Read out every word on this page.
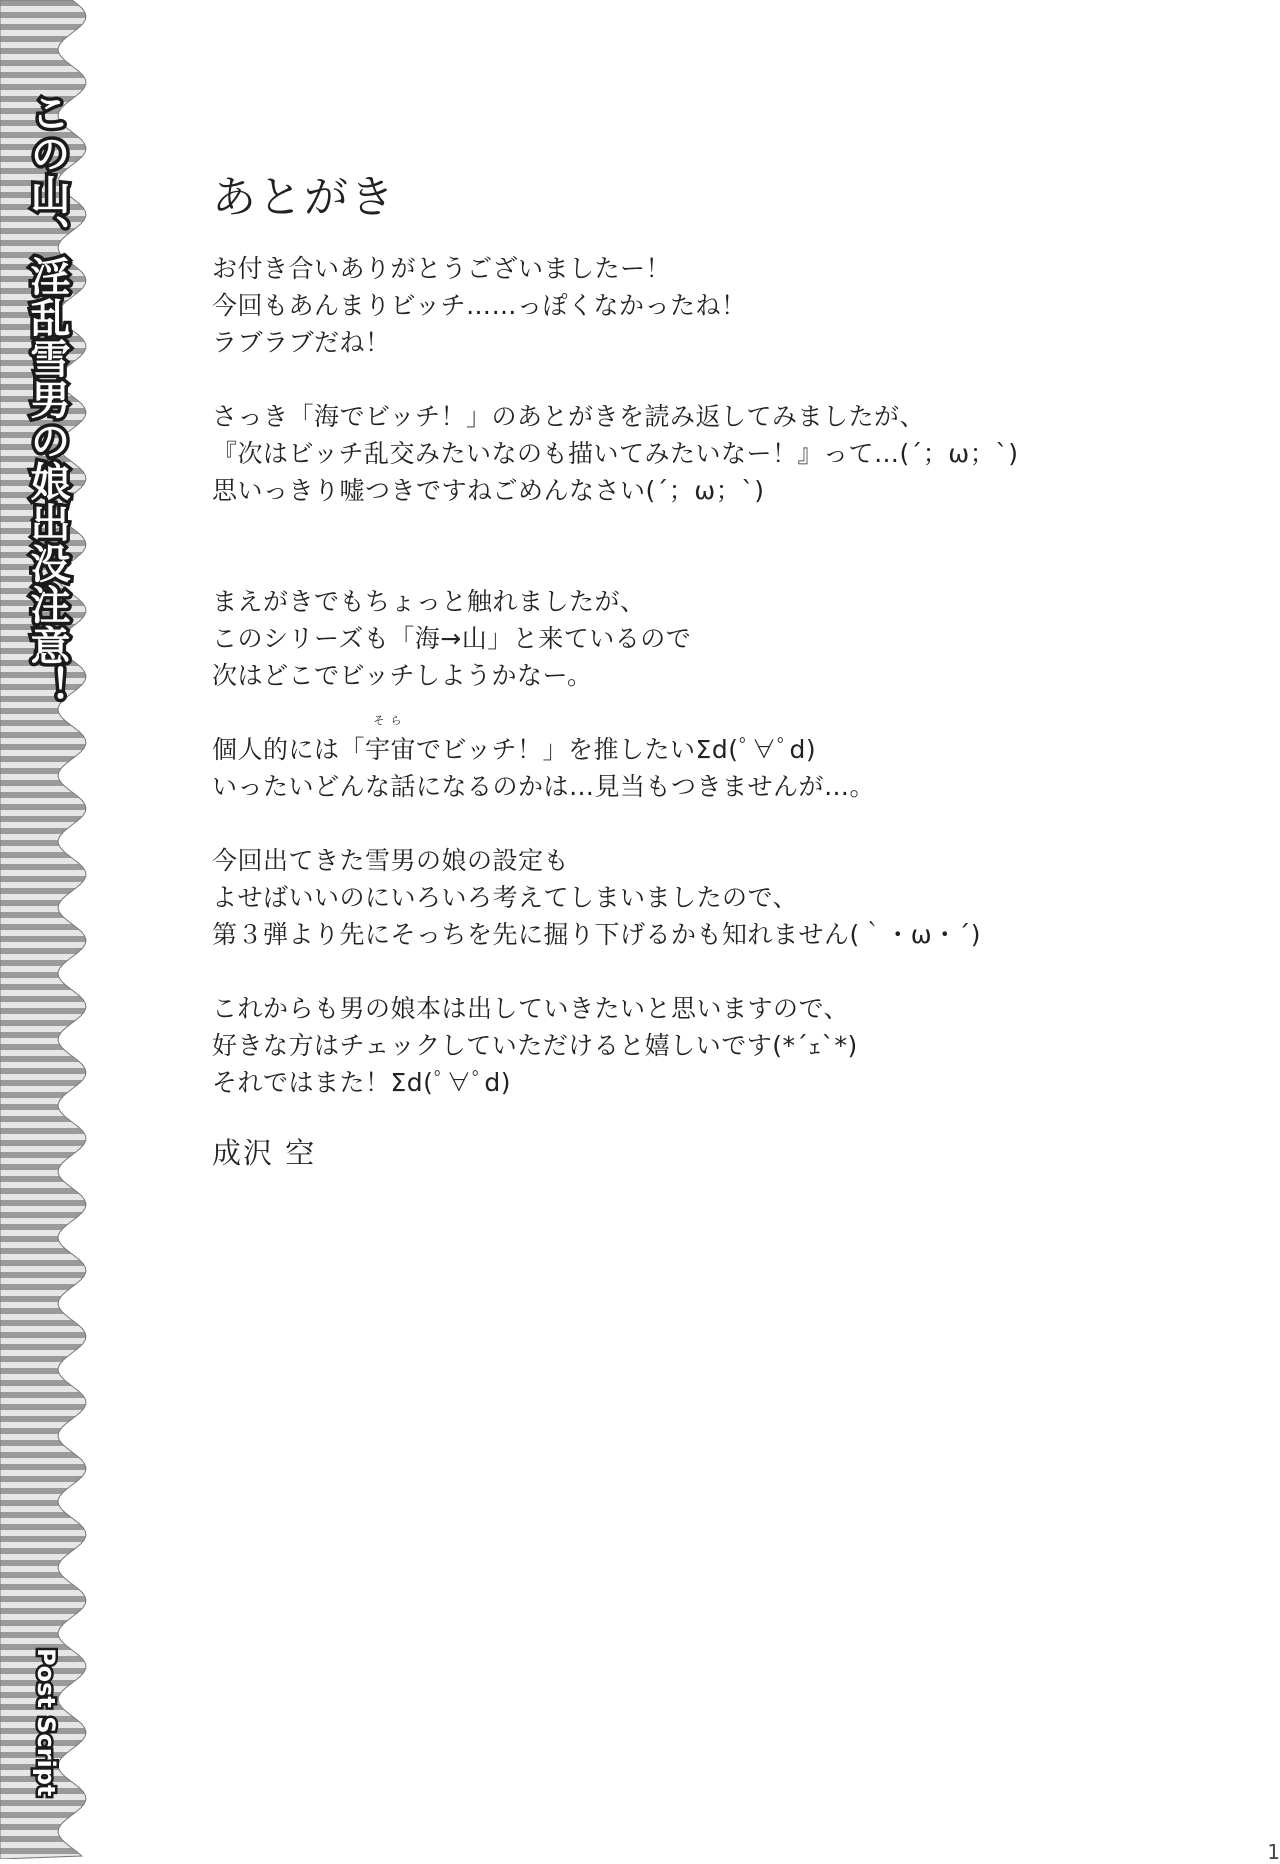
この山、淫乱雪男の娘出没注意！
Post Script
あとがき
お付き合いありがとうございましたー！
今回もあんまりビッチ……っぽくなかったね！
ラブラブだね！
さっき「海でビッチ！」のあとがきを読み返してみましたが、
『次はビッチ乱交みたいなのも描いてみたいなー！』って…(´；ω；`)
思いっきり嘘つきですねごめんなさい(´；ω；`)
まえがきでもちょっと触れましたが、
このシリーズも「海→山」と来ているので
次はどこでビッチしようかなー。
個人的には「
そら
宇宙でビッチ！」を推したいΣd(ﾟ∀ﾟd)
いったいどんな話になるのかは…見当もつきませんが…。
今回出てきた雪男の娘の設定も
よせばいいのにいろいろ考えてしまいましたので、
第３弾より先にそっちを先に掘り下げるかも知れません(｀・ω・´)
これからも男の娘本は出していきたいと思いますので、
好きな方はチェックしていただけると嬉しいです(*´ｪ`*)
それではまた！Σd(ﾟ∀ﾟd)
成沢 空
1
